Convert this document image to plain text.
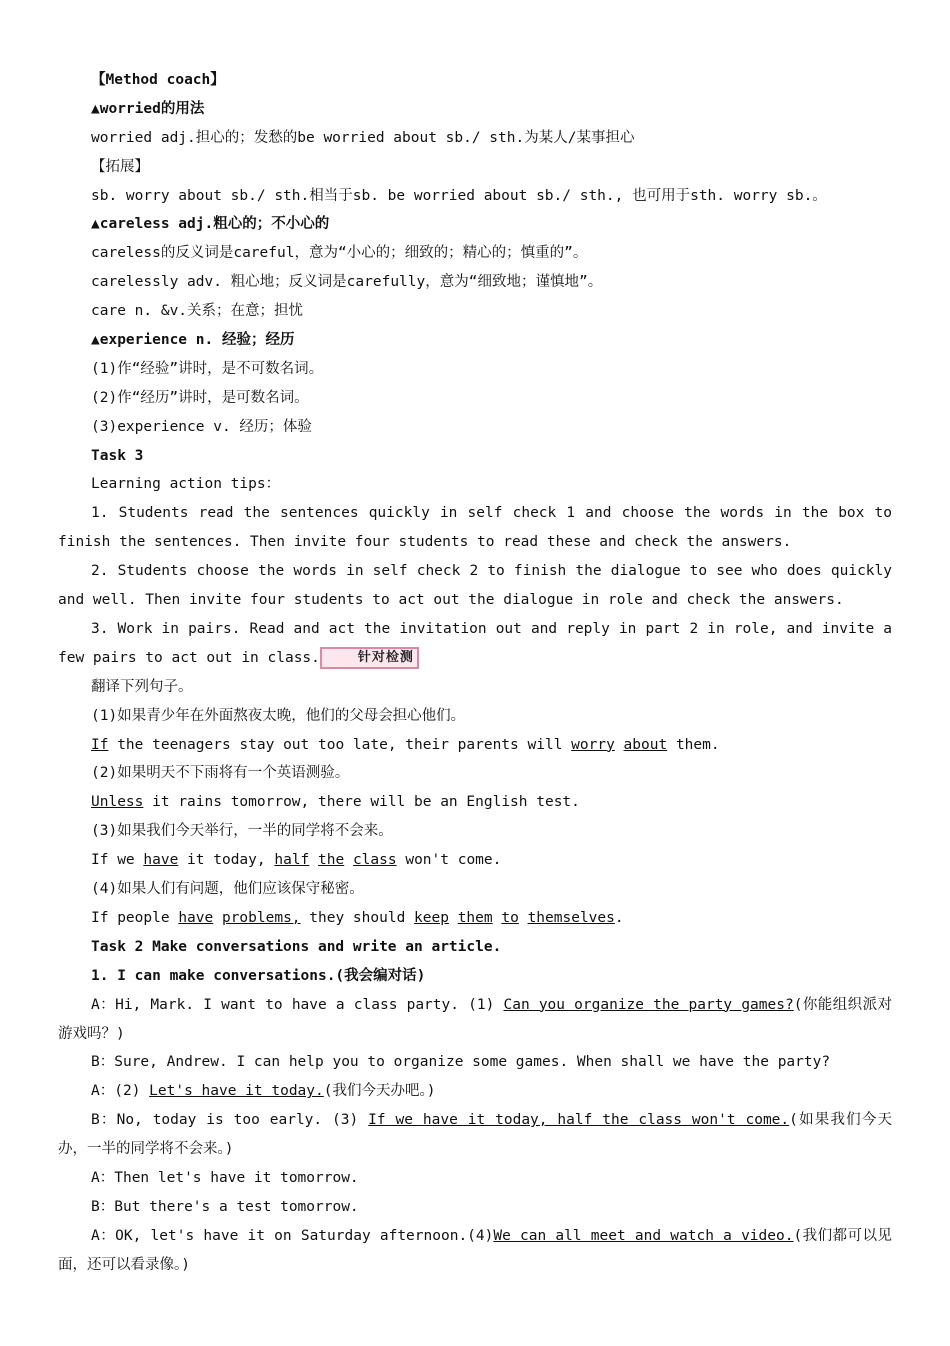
【Method coach】
▲worried的用法
worried adj.担心的；发愁的be worried about sb./ sth.为某人/某事担心
【拓展】
sb. worry about sb./ sth.相当于sb. be worried about sb./ sth., 也可用于sth. worry sb.。
▲careless adj.粗心的；不小心的
careless的反义词是careful，意为“小心的；细致的；精心的；慎重的”。
carelessly adv. 粗心地；反义词是carefully，意为“细致地；谨慎地”。
care n. &v.关系；在意；担忧
▲experience n. 经验；经历
(1)作“经验”讲时，是不可数名词。
(2)作“经历”讲时，是可数名词。
(3)experience v. 经历；体验
Task 3
Learning action tips：
1. Students read the sentences quickly in self check 1 and choose the words in the box to finish the sentences. Then invite four students to read these and check the answers.
2. Students choose the words in self check 2 to finish the dialogue to see who does quickly and well. Then invite four students to act out the dialogue in role and check the answers.
3. Work in pairs. Read and act the invitation out and reply in part 2 in role, and invite a few pairs to act out in class.	针对检测
翻译下列句子。
(1)如果青少年在外面熬夜太晚，他们的父母会担心他们。
If the teenagers stay out too late, their parents will worry about them.
(2)如果明天不下雨将有一个英语测验。
Unless it rains tomorrow, there will be an English test.
(3)如果我们今天举行，一半的同学将不会来。
If we have it today, half the class won't come.
(4)如果人们有问题，他们应该保守秘密。
If people have problems, they should keep them to themselves.
Task 2 Make conversations and write an article.
1. I can make conversations.(我会编对话)
A：Hi, Mark. I want to have a class party. (1) Can you organize the party games?(你能组织派对游戏吗？)
B：Sure, Andrew. I can help you to organize some games. When shall we have the party?
A：(2) Let's have it today.(我们今天办吧。)
B：No, today is too early. (3) If we have it today, half the class won't come.(如果我们今天办，一半的同学将不会来。)
A：Then let's have it tomorrow.
B：But there's a test tomorrow.
A：OK, let's have it on Saturday afternoon.(4)We can all meet and watch a video.(我们都可以见面，还可以看录像。)
